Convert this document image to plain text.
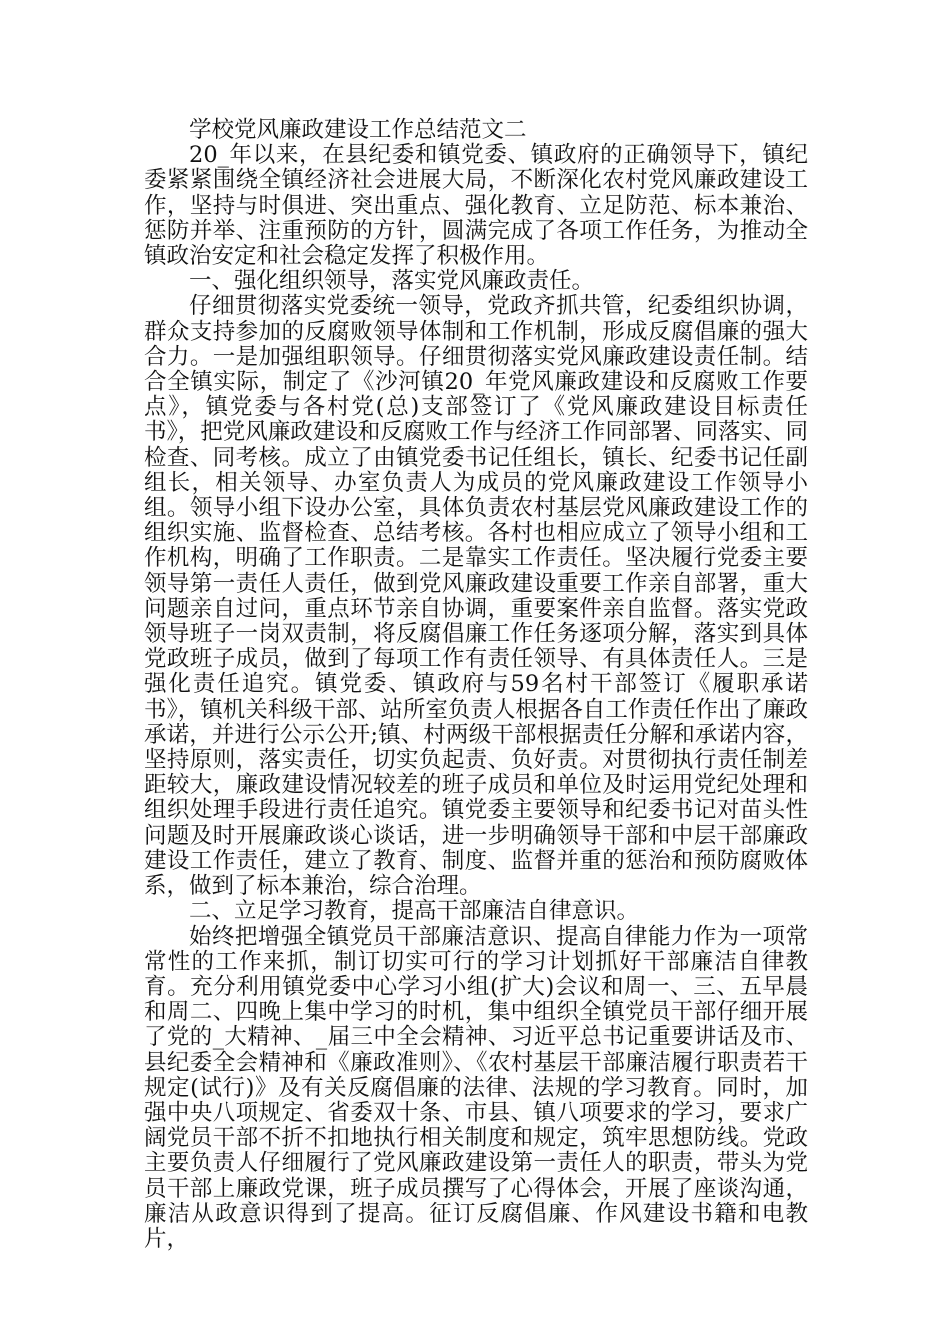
学校党风廉政建设工作总结范文二

20_年以来，在县纪委和镇党委、镇政府的正确领导下，镇纪委紧紧围绕全镇经济社会进展大局，不断深化农村党风廉政建设工作，坚持与时俱进、突出重点、强化教育、立足防范、标本兼治、惩防并举、注重预防的方针，圆满完成了各项工作任务，为推动全镇政治安定和社会稳定发挥了积极作用。

一、强化组织领导，落实党风廉政责任。

仔细贯彻落实党委统一领导，党政齐抓共管，纪委组织协调，群众支持参加的反腐败领导体制和工作机制，形成反腐倡廉的强大合力。一是加强组职领导。仔细贯彻落实党风廉政建设责任制。结合全镇实际，制定了《沙河镇20_年党风廉政建设和反腐败工作要点》，镇党委与各村党(总)支部签订了《党风廉政建设目标责任书》，把党风廉政建设和反腐败工作与经济工作同部署、同落实、同检查、同考核。成立了由镇党委书记任组长，镇长、纪委书记任副组长，相关领导、办室负责人为成员的党风廉政建设工作领导小组。领导小组下设办公室，具体负责农村基层党风廉政建设工作的组织实施、监督检查、总结考核。各村也相应成立了领导小组和工作机构，明确了工作职责。二是靠实工作责任。坚决履行党委主要领导第一责任人责任，做到党风廉政建设重要工作亲自部署，重大问题亲自过问，重点环节亲自协调，重要案件亲自监督。落实党政领导班子一岗双责制，将反腐倡廉工作任务逐项分解，落实到具体党政班子成员，做到了每项工作有责任领导、有具体责任人。三是强化责任追究。镇党委、镇政府与59名村干部签订《履职承诺书》，镇机关科级干部、站所室负责人根据各自工作责任作出了廉政承诺，并进行公示公开;镇、村两级干部根据责任分解和承诺内容，坚持原则，落实责任，切实负起责、负好责。对贯彻执行责任制差距较大，廉政建设情况较差的班子成员和单位及时运用党纪处理和组织处理手段进行责任追究。镇党委主要领导和纪委书记对苗头性问题及时开展廉政谈心谈话，进一步明确领导干部和中层干部廉政建设工作责任，建立了教育、制度、监督并重的惩治和预防腐败体系，做到了标本兼治，综合治理。

二、立足学习教育，提高干部廉洁自律意识。

始终把增强全镇党员干部廉洁意识、提高自律能力作为一项常常性的工作来抓，制订切实可行的学习计划抓好干部廉洁自律教育。充分利用镇党委中心学习小组(扩大)会议和周一、三、五早晨和周二、四晚上集中学习的时机，集中组织全镇党员干部仔细开展了党的_大精神、_届三中全会精神、习近平总书记重要讲话及市、县纪委全会精神和《廉政准则》、《农村基层干部廉洁履行职责若干规定(试行)》及有关反腐倡廉的法律、法规的学习教育。同时，加强中央八项规定、省委双十条、市县、镇八项要求的学习，要求广阔党员干部不折不扣地执行相关制度和规定，筑牢思想防线。党政主要负责人仔细履行了党风廉政建设第一责任人的职责，带头为党员干部上廉政党课，班子成员撰写了心得体会，开展了座谈沟通，廉洁从政意识得到了提高。征订反腐倡廉、作风建设书籍和电教片，
